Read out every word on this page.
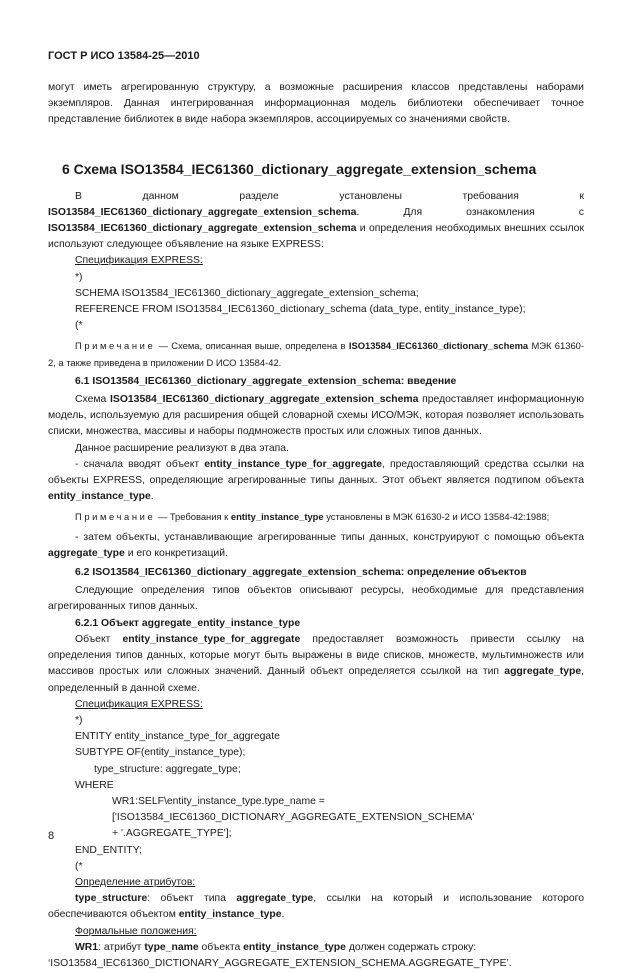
ГОСТ Р ИСО 13584-25—2010

могут иметь агрегированную структуру, а возможные расширения классов представлены наборами экземпляров. Данная интегрированная информационная модель библиотеки обеспечивает точное представление библиотек в виде набора экземпляров, ассоциируемых со значениями свойств.

6 Схема ISO13584_IEC61360_dictionary_aggregate_extension_schema

В данном разделе установлены требования к ISO13584_IEC61360_dictionary_aggregate_extension_schema. Для ознакомления с ISO13584_IEC61360_dictionary_aggregate_extension_schema и определения необходимых внешних ссылок используют следующее объявление на языке EXPRESS:

Спецификация EXPRESS:

*)

SCHEMA ISO13584_IEC61360_dictionary_aggregate_extension_schema;

REFERENCE FROM ISO13584_IEC61360_dictionary_schema (data_type, entity_instance_type);

(*

Примечание — Схема, описанная выше, определена в ISO13584_IEC61360_dictionary_schema МЭК 61360-2, а также приведена в приложении D ИСО 13584-42.

6.1 ISO13584_IEC61360_dictionary_aggregate_extension_schema: введение

Схема ISO13584_IEC61360_dictionary_aggregate_extension_schema предоставляет информационную модель, используемую для расширения общей словарной схемы ИСО/МЭК, которая позволяет использовать списки, множества, массивы и наборы подмножеств простых или сложных типов данных.

Данное расширение реализуют в два этапа.

- сначала вводят объект entity_instance_type_for_aggregate, предоставляющий средства ссылки на объекты EXPRESS, определяющие агрегированные типы данных. Этот объект является подтипом объекта entity_instance_type.

Примечание — Требования к entity_instance_type установлены в МЭК 61630-2 и ИСО 13584-42:1988;

- затем объекты, устанавливающие агрегированные типы данных, конструируют с помощью объекта aggregate_type и его конкретизаций.

6.2 ISO13584_IEC61360_dictionary_aggregate_extension_schema: определение объектов

Следующие определения типов объектов описывают ресурсы, необходимые для представления агрегированных типов данных.

6.2.1 Объект aggregate_entity_instance_type

Объект entity_instance_type_for_aggregate предоставляет возможность привести ссылку на определения типов данных, которые могут быть выражены в виде списков, множеств, мультимножеств или массивов простых или сложных значений. Данный объект определяется ссылкой на тип aggregate_type, определенный в данной схеме.

Спецификация EXPRESS:

*)

ENTITY entity_instance_type_for_aggregate

SUBTYPE OF(entity_instance_type);

type_structure: aggregate_type;

WHERE

WR1:SELF\entity_instance_type.type_name =

['ISO13584_IEC61360_DICTIONARY_AGGREGATE_EXTENSION_SCHEMA'

+ '.AGGREGATE_TYPE'];

END_ENTITY;

(*

Определение атрибутов:

type_structure: объект типа aggregate_type, ссылки на который и использование которого обеспечиваются объектом entity_instance_type.

Формальные положения:

WR1: атрибут type_name объекта entity_instance_type должен содержать строку:

‘ISO13584_IEC61360_DICTIONARY_AGGREGATE_EXTENSION_SCHEMA.AGGREGATE_TYPE’.

8
